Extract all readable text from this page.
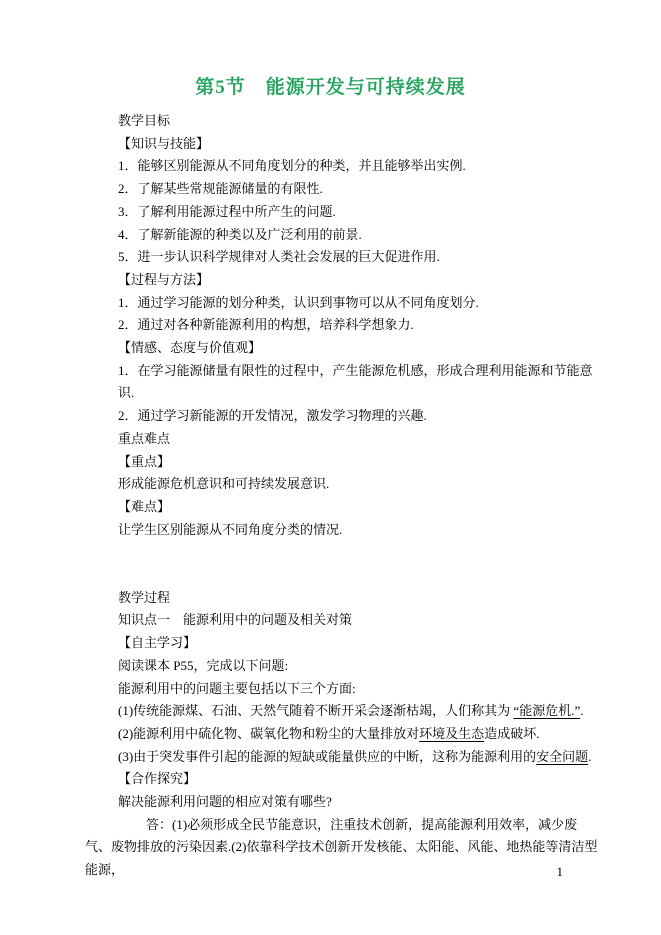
第5节　能源开发与可持续发展

教学目标

【知识与技能】

1．能够区别能源从不同角度划分的种类，并且能够举出实例.

2．了解某些常规能源储量的有限性.

3．了解利用能源过程中所产生的问题.

4．了解新能源的种类以及广泛利用的前景.

5．进一步认识科学规律对人类社会发展的巨大促进作用.

【过程与方法】

1．通过学习能源的划分种类，认识到事物可以从不同角度划分.

2．通过对各种新能源利用的构想，培养科学想象力.

【情感、态度与价值观】

1．在学习能源储量有限性的过程中，产生能源危机感，形成合理利用能源和节能意识.

2．通过学习新能源的开发情况，激发学习物理的兴趣.

重点难点

【重点】

形成能源危机意识和可持续发展意识.

【难点】

让学生区别能源从不同角度分类的情况.

教学过程

知识点一　能源利用中的问题及相关对策

【自主学习】

阅读课本 P55，完成以下问题:

能源利用中的问题主要包括以下三个方面:

(1)传统能源煤、石油、天然气随着不断开采会逐渐枯竭，人们称其为 “能源危机.”.

(2)能源利用中硫化物、碳氧化物和粉尘的大量排放对环境及生态造成破坏.

(3)由于突发事件引起的能源的短缺或能量供应的中断，这称为能源利用的安全问题.

【合作探究】

解决能源利用问题的相应对策有哪些?

答：(1)必须形成全民节能意识，注重技术创新，提高能源利用效率，减少废气、废物排放的污染因素.(2)依靠科学技术创新开发核能、太阳能、风能、地热能等清洁型能源，	1
